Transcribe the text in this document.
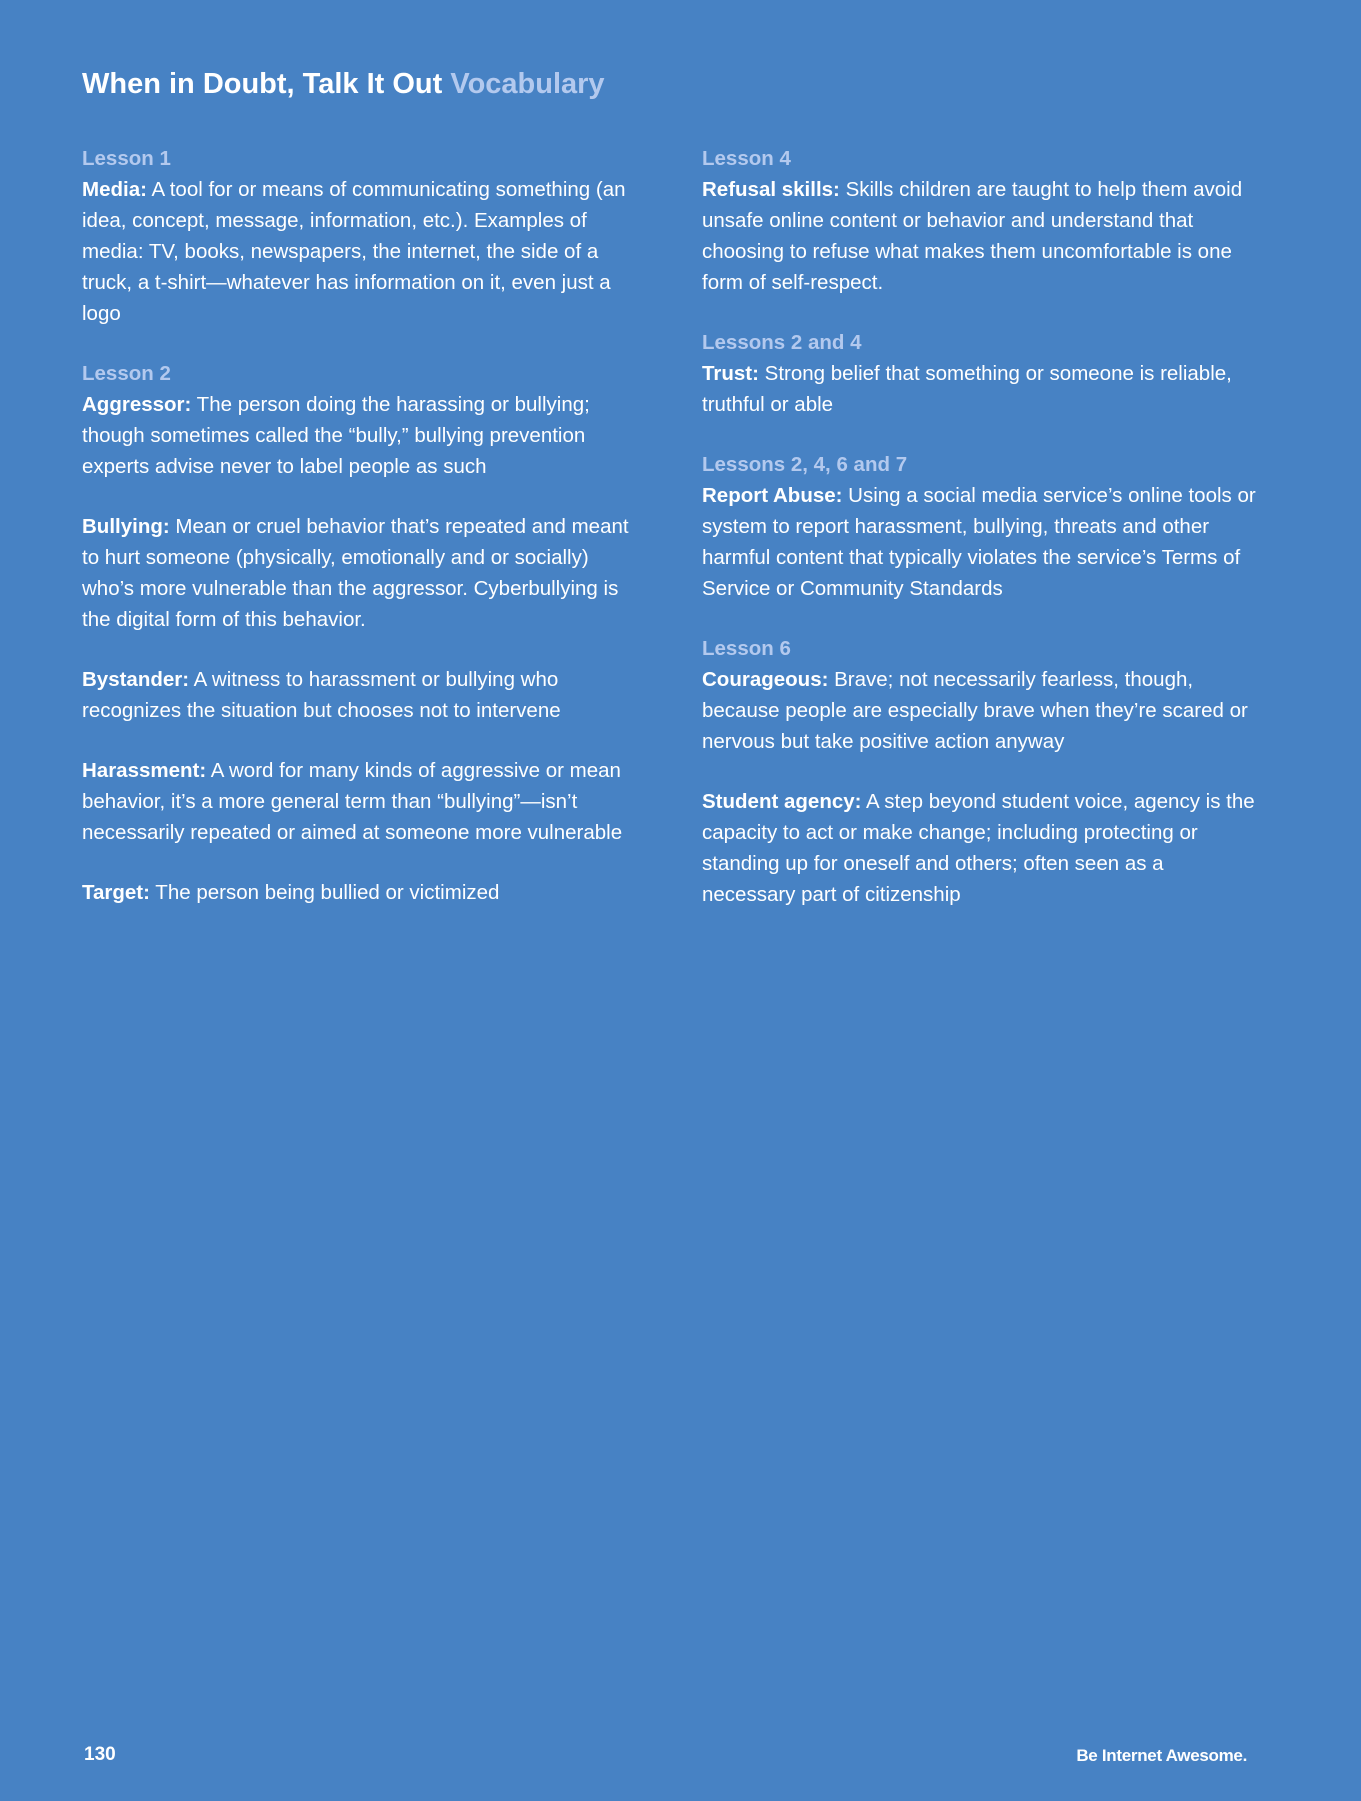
When in Doubt, Talk It Out Vocabulary

Lesson 1

Media: A tool for or means of communicating something (an idea, concept, message, information, etc.). Examples of media: TV, books, newspapers, the internet, the side of a truck, a t-shirt—whatever has information on it, even just a logo

Lesson 2

Aggressor: The person doing the harassing or bullying; though sometimes called the “bully,” bullying prevention experts advise never to label people as such

Bullying: Mean or cruel behavior that’s repeated and meant to hurt someone (physically, emotionally and or socially) who’s more vulnerable than the aggressor. Cyberbullying is the digital form of this behavior.

Bystander: A witness to harassment or bullying who recognizes the situation but chooses not to intervene

Harassment: A word for many kinds of aggressive or mean behavior, it’s a more general term than “bullying”—isn’t necessarily repeated or aimed at someone more vulnerable

Target: The person being bullied or victimized

Lesson 4

Refusal skills: Skills children are taught to help them avoid unsafe online content or behavior and understand that choosing to refuse what makes them uncomfortable is one form of self-respect.

Lessons 2 and 4

Trust: Strong belief that something or someone is reliable, truthful or able

Lessons 2, 4, 6 and 7

Report Abuse: Using a social media service’s online tools or system to report harassment, bullying, threats and other harmful content that typically violates the service’s Terms of Service or Community Standards

Lesson 6

Courageous: Brave; not necessarily fearless, though, because people are especially brave when they’re scared or nervous but take positive action anyway

Student agency: A step beyond student voice, agency is the capacity to act or make change; including protecting or standing up for oneself and others; often seen as a necessary part of citizenship

130	Be Internet Awesome.
